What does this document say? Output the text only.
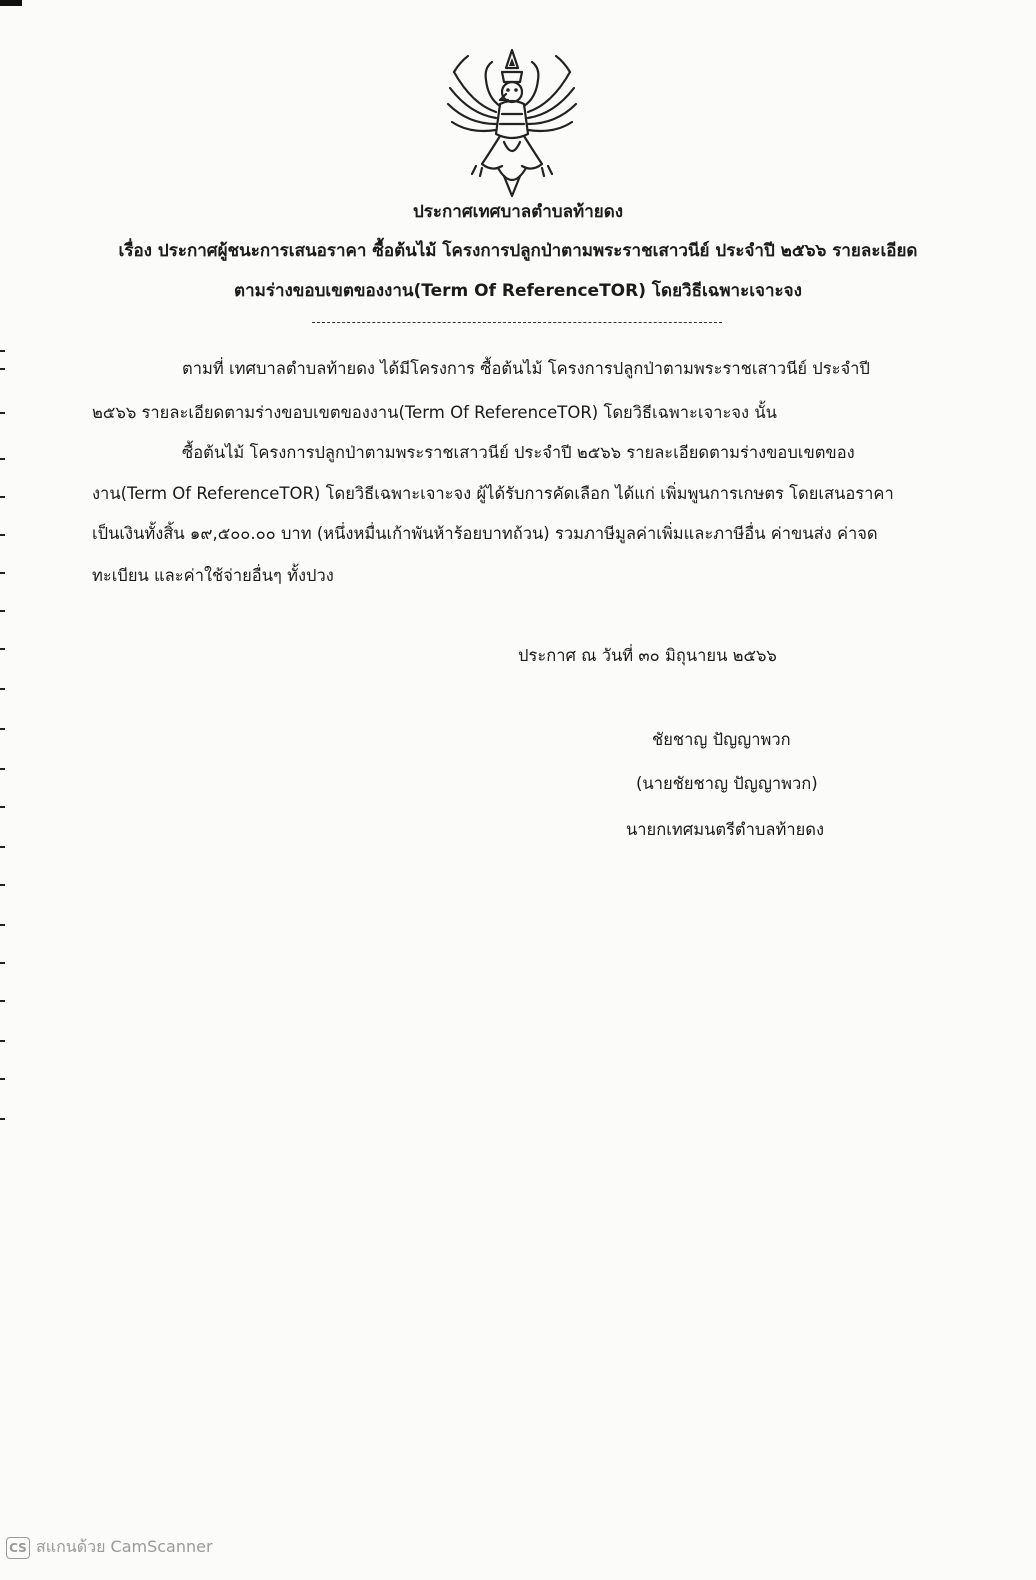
ประกาศเทศบาลตำบลท้ายดง
เรื่อง ประกาศผู้ชนะการเสนอราคา ซื้อต้นไม้ โครงการปลูกป่าตามพระราชเสาวนีย์ ประจำปี ๒๕๖๖ รายละเอียด
ตามร่างขอบเขตของงาน(Term Of ReferenceTOR) โดยวิธีเฉพาะเจาะจง
ตามที่ เทศบาลตำบลท้ายดง ได้มีโครงการ ซื้อต้นไม้ โครงการปลูกป่าตามพระราชเสาวนีย์ ประจำปี
๒๕๖๖ รายละเอียดตามร่างขอบเขตของงาน(Term Of ReferenceTOR) โดยวิธีเฉพาะเจาะจง นั้น
ซื้อต้นไม้ โครงการปลูกป่าตามพระราชเสาวนีย์ ประจำปี ๒๕๖๖ รายละเอียดตามร่างขอบเขตของ
งาน(Term Of ReferenceTOR) โดยวิธีเฉพาะเจาะจง ผู้ได้รับการคัดเลือก ได้แก่ เพิ่มพูนการเกษตร โดยเสนอราคา
เป็นเงินทั้งสิ้น ๑๙,๕๐๐.๐๐ บาท (หนึ่งหมื่นเก้าพันห้าร้อยบาทถ้วน) รวมภาษีมูลค่าเพิ่มและภาษีอื่น ค่าขนส่ง ค่าจด
ทะเบียน และค่าใช้จ่ายอื่นๆ ทั้งปวง
ประกาศ ณ วันที่ ๓๐ มิถุนายน ๒๕๖๖
ชัยชาญ ปัญญาพวก
(นายชัยชาญ ปัญญาพวก)
นายกเทศมนตรีตำบลท้ายดง
CS สแกนด้วย CamScanner
